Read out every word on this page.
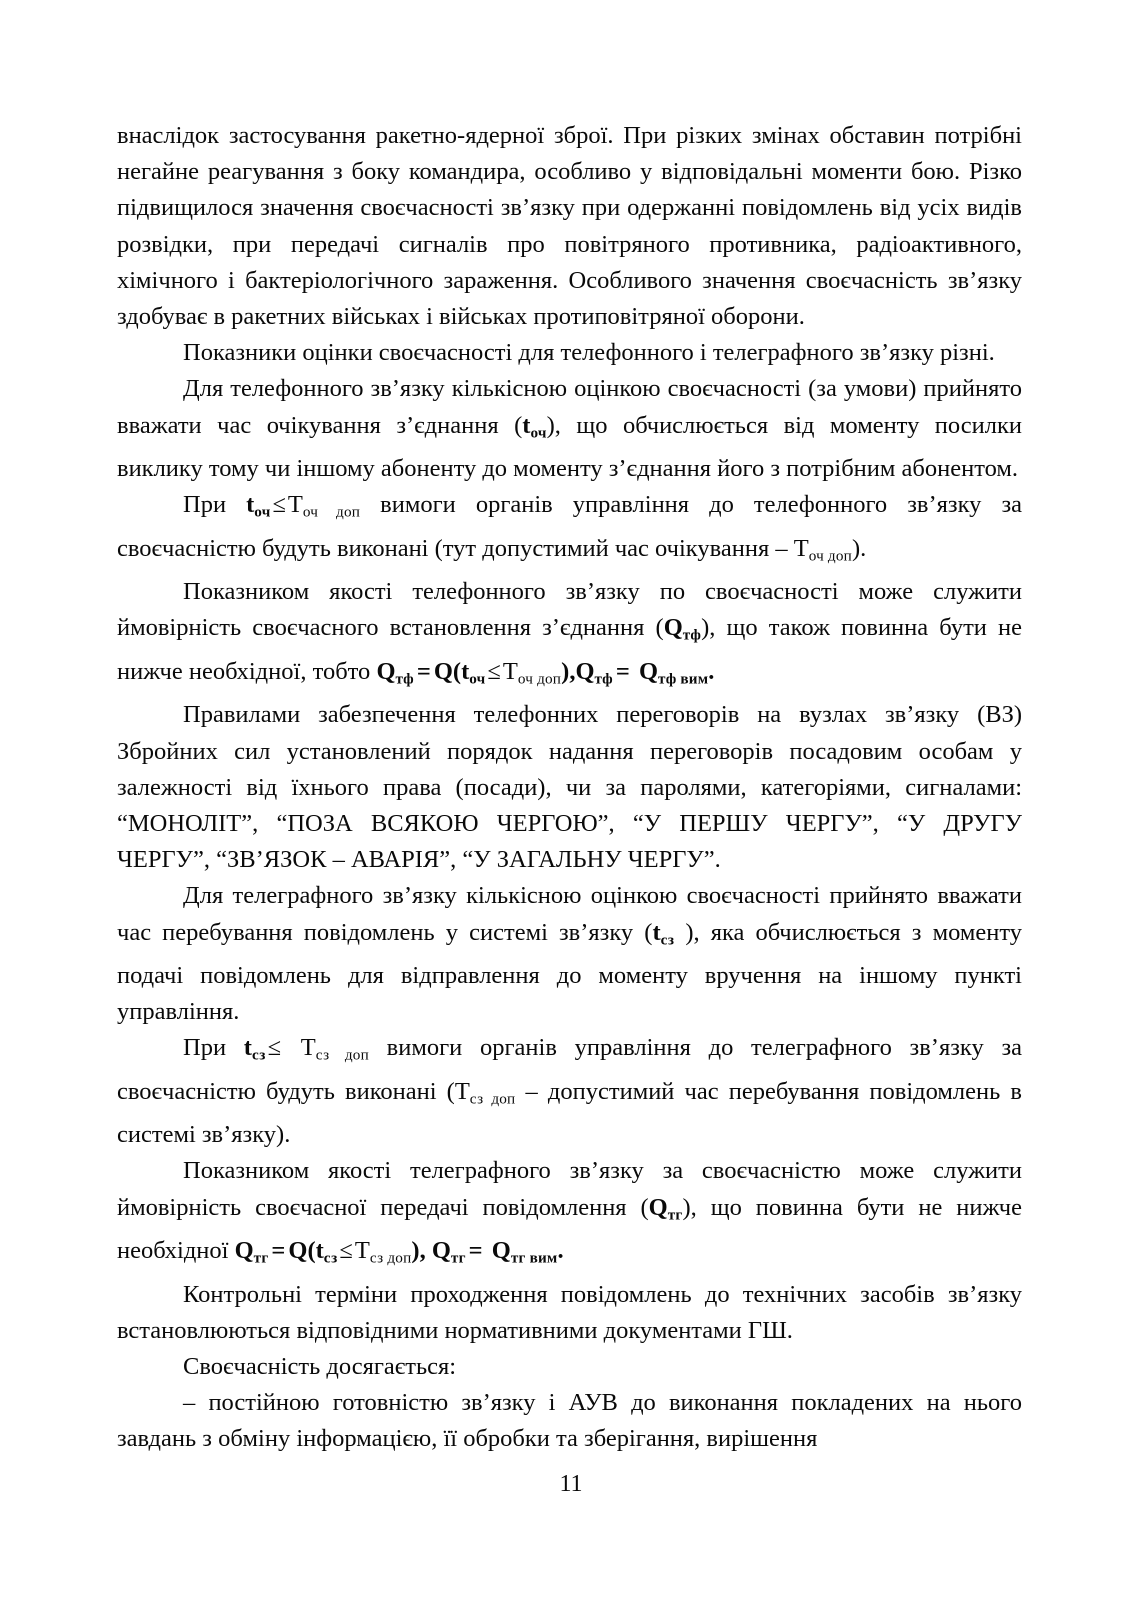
внаслідок застосування ракетно-ядерної зброї. При різких змінах обставин потрібні негайне реагування з боку командира, особливо у відповідальні моменти бою. Різко підвищилося значення своєчасності зв’язку при одержанні повідомлень від усіх видів розвідки, при передачі сигналів про повітряного противника, радіоактивного, хімічного і бактеріологічного зараження. Особливого значення своєчасність зв’язку здобуває в ракетних військах і військах протиповітряної оборони.

Показники оцінки своєчасності для телефонного і телеграфного зв’язку різні.

Для телефонного зв’язку кількісною оцінкою своєчасності (за умови) прийнято вважати час очікування з’єднання $(t_{оч})$, що обчислюється від моменту посилки виклику тому чи іншому абоненту до моменту з’єднання його з потрібним абонентом.

При $t_{оч}\le T_{оч доп}$ вимоги органів управління до телефонного зв’язку за своєчасністю будуть виконані (тут допустимий час очікування – $T_{оч доп}$).

Показником якості телефонного зв’язку по своєчасності може служити ймовірність своєчасного встановлення з’єднання $(Q_{тф})$, що також повинна бути не нижче необхідної, тобто $Q_{тф} = Q(t_{оч}\le T_{оч доп}),Q_{тф} = Q_{тф вим}$.

Правилами забезпечення телефонних переговорів на вузлах зв’язку (ВЗ) Збройних сил установлений порядок надання переговорів посадовим особам у залежності від їхнього права (посади), чи за паролями, категоріями, сигналами: “МОНОЛІТ”, “ПОЗА ВСЯКОЮ ЧЕРГОЮ”, “У ПЕРШУ ЧЕРГУ”, “У ДРУГУ ЧЕРГУ”, “ЗВ’ЯЗОК – АВАРІЯ”, “У ЗАГАЛЬНУ ЧЕРГУ”.

Для телеграфного зв’язку кількісною оцінкою своєчасності прийнято вважати час перебування повідомлень у системі зв’язку ($t_{сз}$ ), яка обчислюється з моменту подачі повідомлень для відправлення до моменту вручення на іншому пункті управління.

При $t_{сз}\le T_{сз доп}$ вимоги органів управління до телеграфного зв’язку за своєчасністю будуть виконані ($T_{сз доп}$ – допустимий час перебування повідомлень в системі зв’язку).

Показником якості телеграфного зв’язку за своєчасністю може служити ймовірність своєчасної передачі повідомлення $(Q_{тг})$, що повинна бути не нижче необхідної $Q_{тг} = Q(t_{сз}\le T_{сз доп})$, $Q_{тг} = Q_{тг вим}$.

Контрольні терміни проходження повідомлень до технічних засобів зв’язку встановлюються відповідними нормативними документами ГШ.

Своєчасність досягається:

– постійною готовністю зв’язку і АУВ до виконання покладених на нього завдань з обміну інформацією, її обробки та зберігання, вирішення

11
